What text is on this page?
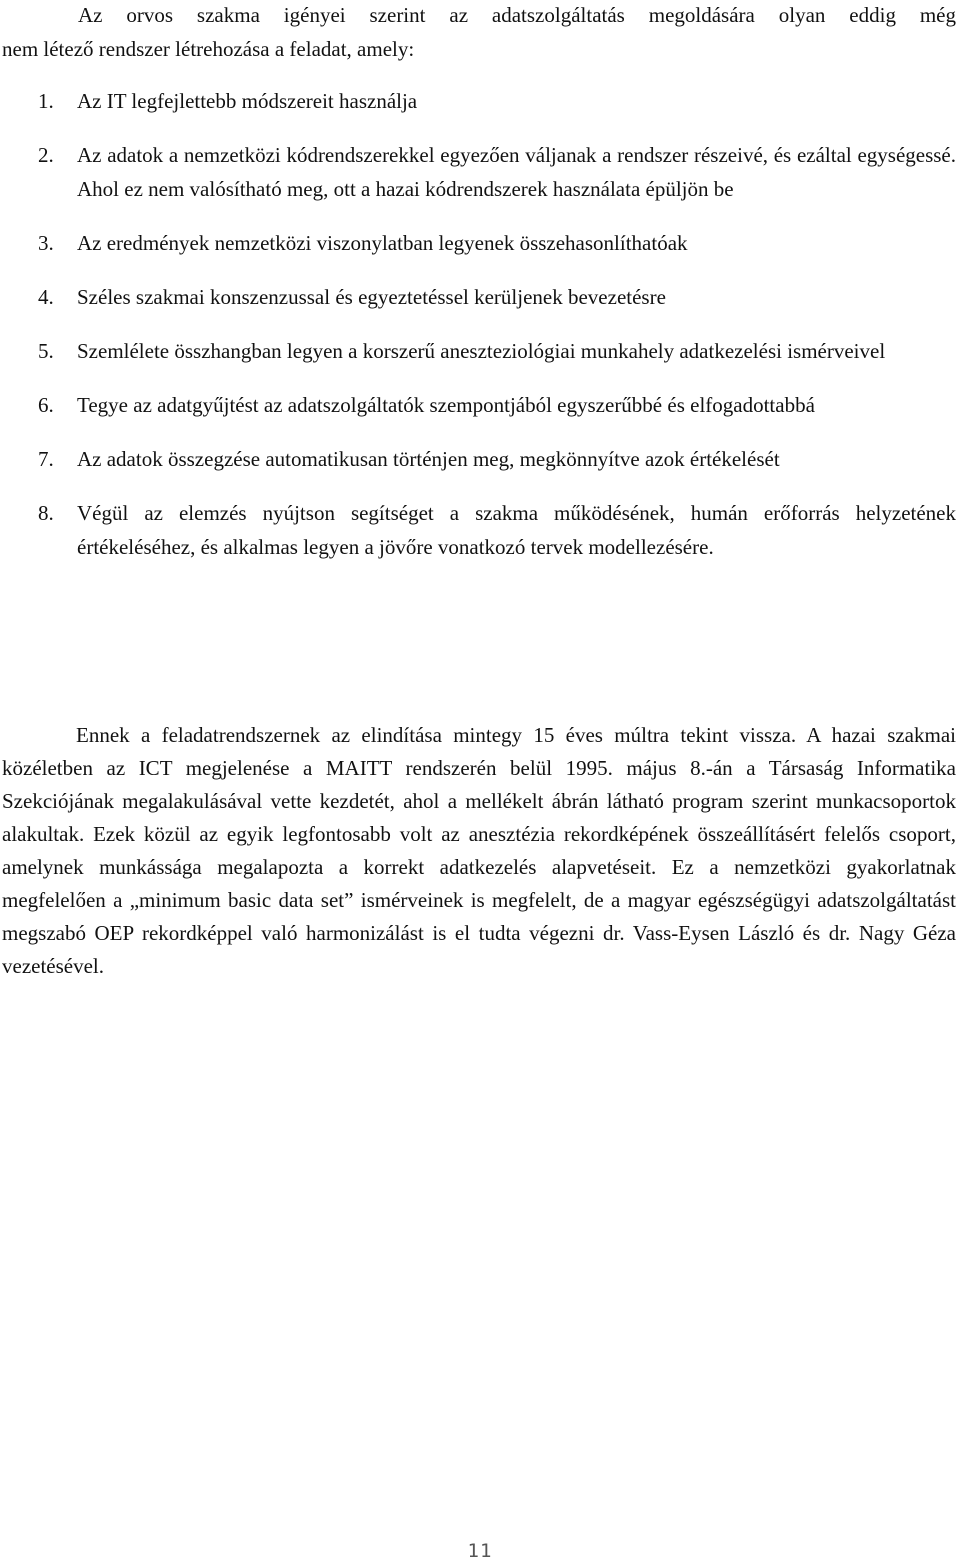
Az orvos szakma igényei szerint az adatszolgáltatás megoldására olyan eddig még
nem létező rendszer létrehozása a feladat, amely:

1. Az IT legfejlettebb módszereit használja
2. Az adatok a nemzetközi kódrendszerekkel egyezően váljanak a rendszer részeivé, és ezáltal egységessé. Ahol ez nem valósítható meg, ott a hazai kódrendszerek használata épüljön be
3. Az eredmények nemzetközi viszonylatban legyenek összehasonlíthatóak
4. Széles szakmai konszenzussal és egyeztetéssel kerüljenek bevezetésre
5. Szemlélete összhangban legyen a korszerű aneszteziológiai munkahely adatkezelési ismérveivel
6. Tegye az adatgyűjtést az adatszolgáltatók szempontjából egyszerűbbé és elfogadottabbá
7. Az adatok összegzése automatikusan történjen meg, megkönnyítve azok értékelését
8. Végül az elemzés nyújtson segítséget a szakma működésének, humán erőforrás helyzetének értékeléséhez, és alkalmas legyen a jövőre vonatkozó tervek modellezésére.

Ennek a feladatrendszernek az elindítása mintegy 15 éves múltra tekint vissza. A hazai szakmai közéletben az ICT megjelenése a MAITT rendszerén belül 1995. május 8.-án a Társaság Informatika Szekciójának megalakulásával vette kezdetét, ahol a mellékelt ábrán látható program szerint munkacsoportok alakultak. Ezek közül az egyik legfontosabb volt az anesztézia rekordképének összeállításért felelős csoport, amelynek munkássága megalapozta a korrekt adatkezelés alapvetéseit. Ez a nemzetközi gyakorlatnak megfelelően a „minimum basic data set” ismérveinek is megfelelt, de a magyar egészségügyi adatszolgáltatást megszabó OEP rekordképpel való harmonizálást is el tudta végezni dr. Vass-Eysen László és dr. Nagy Géza vezetésével.

11
